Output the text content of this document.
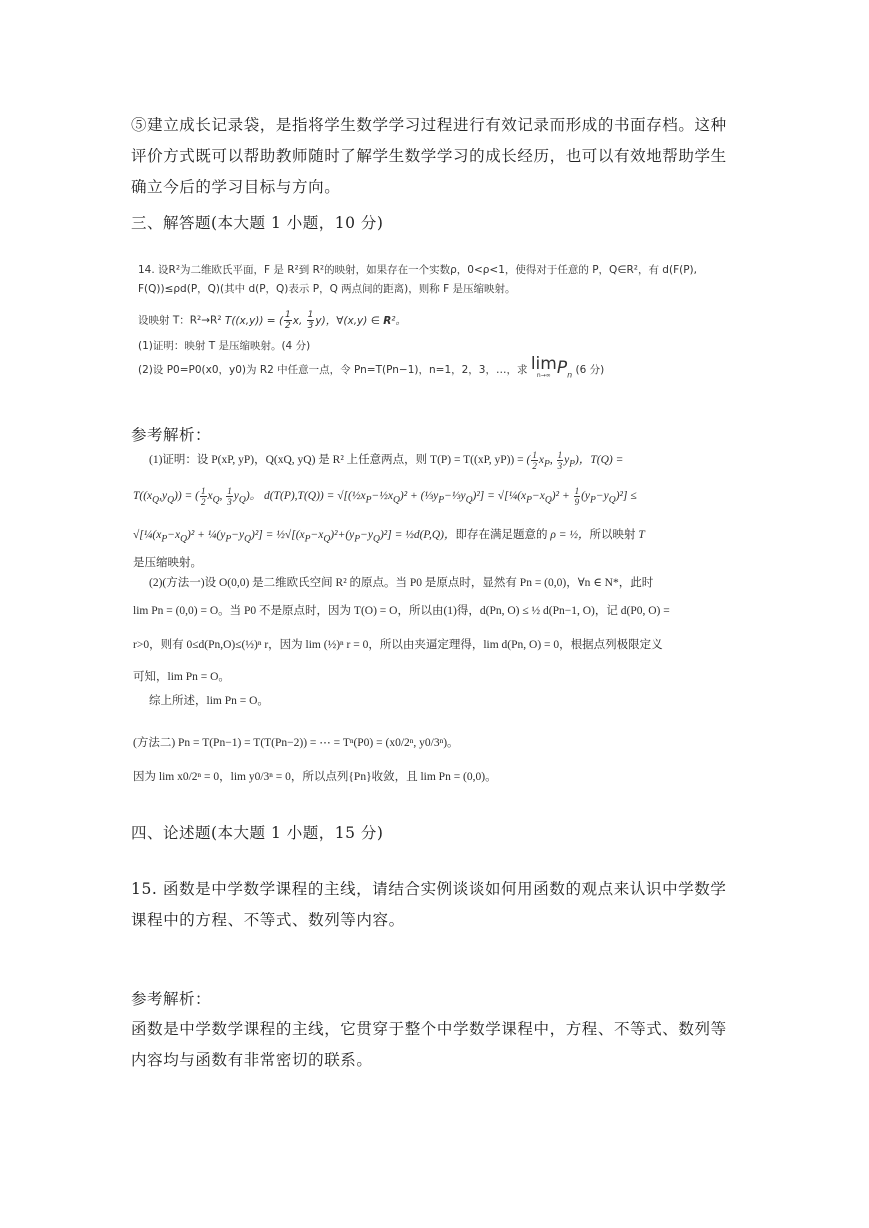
⑤建立成长记录袋，是指将学生数学学习过程进行有效记录而形成的书面存档。这种评价方式既可以帮助教师随时了解学生数学学习的成长经历，也可以有效地帮助学生确立今后的学习目标与方向。
三、解答题(本大题 1 小题，10 分)
14. 设R²为二维欧氏平面，F 是 R²到 R²的映射，如果存在一个实数ρ，0<ρ<1，使得对于任意的 P，Q∈R²，有 d(F(P),
F(Q))≤ρd(P，Q)(其中 d(P，Q)表示 P，Q 两点间的距离)，则称 F 是压缩映射。
设映射 T：R²→R² T((x,y)) = ( $\frac{1}{2} x$, $\frac{1}{3} y$)，∀(x,y) ∈ R²。
(1)证明：映射 T 是压缩映射。(4 分)
(2)设 P0=P0(x0，y0)为 R2 中任意一点，令 Pn=T(Pn−1)，n=1，2，3，…，求 lim
n→∞ $P_n$ (6 分)
参考解析：
(1)证明：设 P(xP, yP)，Q(xQ, yQ) 是 R² 上任意两点，则 T(P) = T((xP, yP)) = ( $\frac{1}{2} x_P$, $\frac{1}{3} y_P$)，T(Q) =
$T((x_Q,y_Q))$ = ( $\frac{1}{2} x_Q$, $\frac{1}{3} y_Q$)。 $d(T(P),T(Q)) = √[(\frac{1}{2}x_P-\frac{1}{2}x_Q)^2$ + $(\frac{1}{3}y_P-\frac{1}{3}y_Q)^2$] = $√[\frac{1}{4}(x_P-x_Q)^2 + \frac{1}{9} (y_P-y_Q)^2]$ ≤
$√[\frac{1}{4}(x_P-x_Q)^2$ + $\frac{1}{4}(y_P-y_Q)^2$] = $\frac{1}{2}√[(x_P-x_Q)^2+(y_P-y_Q)^2]$ = ½d(P,Q)，即存在满足题意的 ρ = ½，所以映射 T
是压缩映射。
(2)(方法一)设 O(0,0) 是二维欧氏空间 R² 的原点。当 P0 是原点时，显然有 Pn = (0,0)，∀n ∈ N*，此时
lim Pn = (0,0) = O。当 P0 不是原点时，因为 T(O) = O，所以由(1)得，d(Pn, O) ≤ ½ d(Pn−1, O)，记 d(P0, O) =
r>0，则有 0≤d(Pn,O)≤(½)ⁿ r，因为 lim (½)ⁿ r = 0，所以由夹逼定理得，lim d(Pn, O) = 0，根据点列极限定义
可知，lim Pn = O。
综上所述，lim Pn = O。
(方法二) Pn = T(Pn−1) = T(T(Pn−2)) = ⋯ = Tⁿ(P0) = (x0/2ⁿ, y0/3ⁿ)。
因为 lim x0/2ⁿ = 0，lim y0/3ⁿ = 0，所以点列{Pn}收敛，且 lim Pn = (0,0)。
四、论述题(本大题 1 小题，15 分)
15. 函数是中学数学课程的主线，请结合实例谈谈如何用函数的观点来认识中学数学课程中的方程、不等式、数列等内容。
参考解析：
函数是中学数学课程的主线，它贯穿于整个中学数学课程中，方程、不等式、数列等内容均与函数有非常密切的联系。
